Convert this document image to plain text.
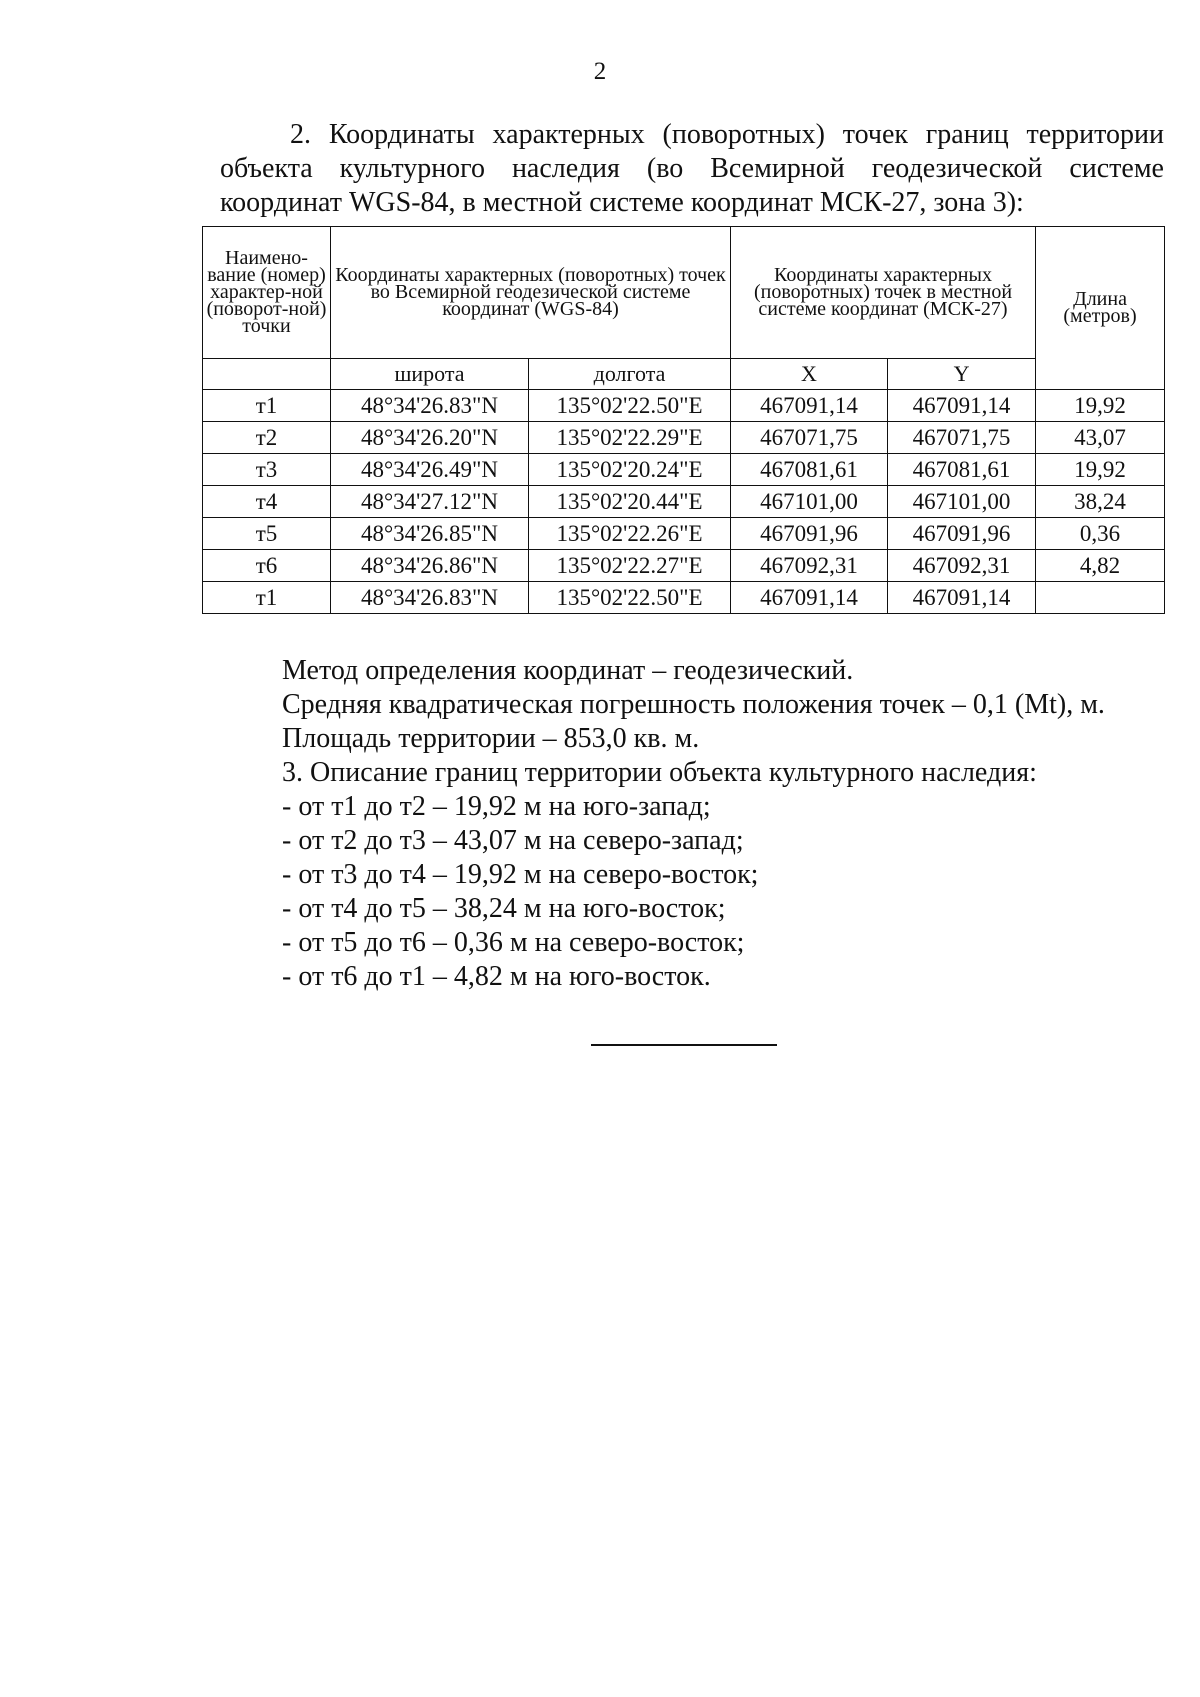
2
2. Координаты характерных (поворотных) точек границ территории объекта культурного наследия (во Всемирной геодезической системе координат WGS-84, в местной системе координат МСК-27, зона 3):
Наимено-вание (номер) характер-ной (поворот-ной) точки	Координаты характерных (поворотных) точек во Всемирной геодезической системе координат (WGS-84)		Координаты характерных (поворотных) точек в местной системе координат (МСК-27)		Длина (метров)
	широта	долгота	X	Y	
т1	48°34'26.83"N	135°02'22.50"E	467091,14	467091,14	19,92
т2	48°34'26.20"N	135°02'22.29"E	467071,75	467071,75	43,07
т3	48°34'26.49"N	135°02'20.24"E	467081,61	467081,61	19,92
т4	48°34'27.12"N	135°02'20.44"E	467101,00	467101,00	38,24
т5	48°34'26.85"N	135°02'22.26"E	467091,96	467091,96	0,36
т6	48°34'26.86"N	135°02'22.27"E	467092,31	467092,31	4,82
т1	48°34'26.83"N	135°02'22.50"E	467091,14	467091,14	
Метод определения координат – геодезический.
Средняя квадратическая погрешность положения точек – 0,1 (Mt), м.
Площадь территории – 853,0 кв. м.
3. Описание границ территории объекта культурного наследия:
- от т1 до т2 – 19,92 м на юго-запад;
- от т2 до т3 – 43,07 м на северо-запад;
- от т3 до т4 – 19,92 м на северо-восток;
- от т4 до т5 – 38,24 м на юго-восток;
- от т5 до т6 – 0,36 м на северо-восток;
- от т6 до т1 – 4,82 м на юго-восток.
